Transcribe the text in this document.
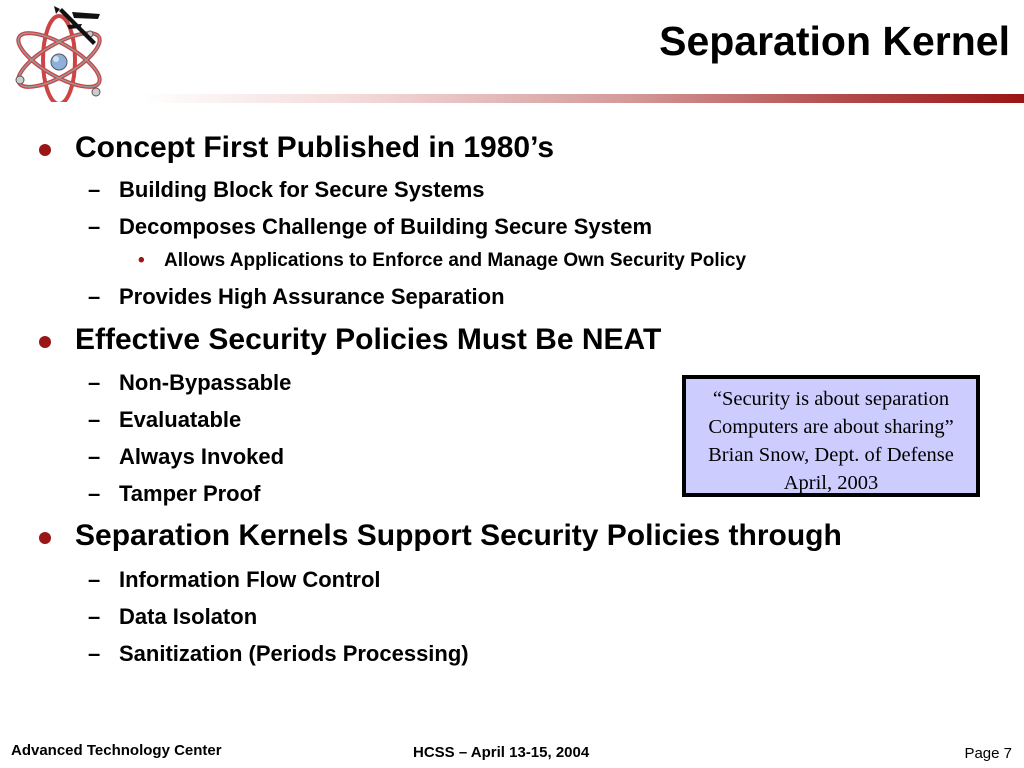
Separation Kernel
Concept First Published in 1980’s
– Building Block for Secure Systems
– Decomposes Challenge of Building Secure System
• Allows Applications to Enforce and Manage Own Security Policy
– Provides High Assurance Separation
Effective Security Policies Must Be NEAT
– Non-Bypassable
– Evaluatable
– Always Invoked
– Tamper Proof
Separation Kernels Support Security Policies through
– Information Flow Control
– Data Isolaton
– Sanitization (Periods Processing)
“Security is about separation
Computers are about sharing”
Brian Snow, Dept. of Defense
April, 2003
Advanced Technology Center	HCSS – April 13-15, 2004	Page 7
